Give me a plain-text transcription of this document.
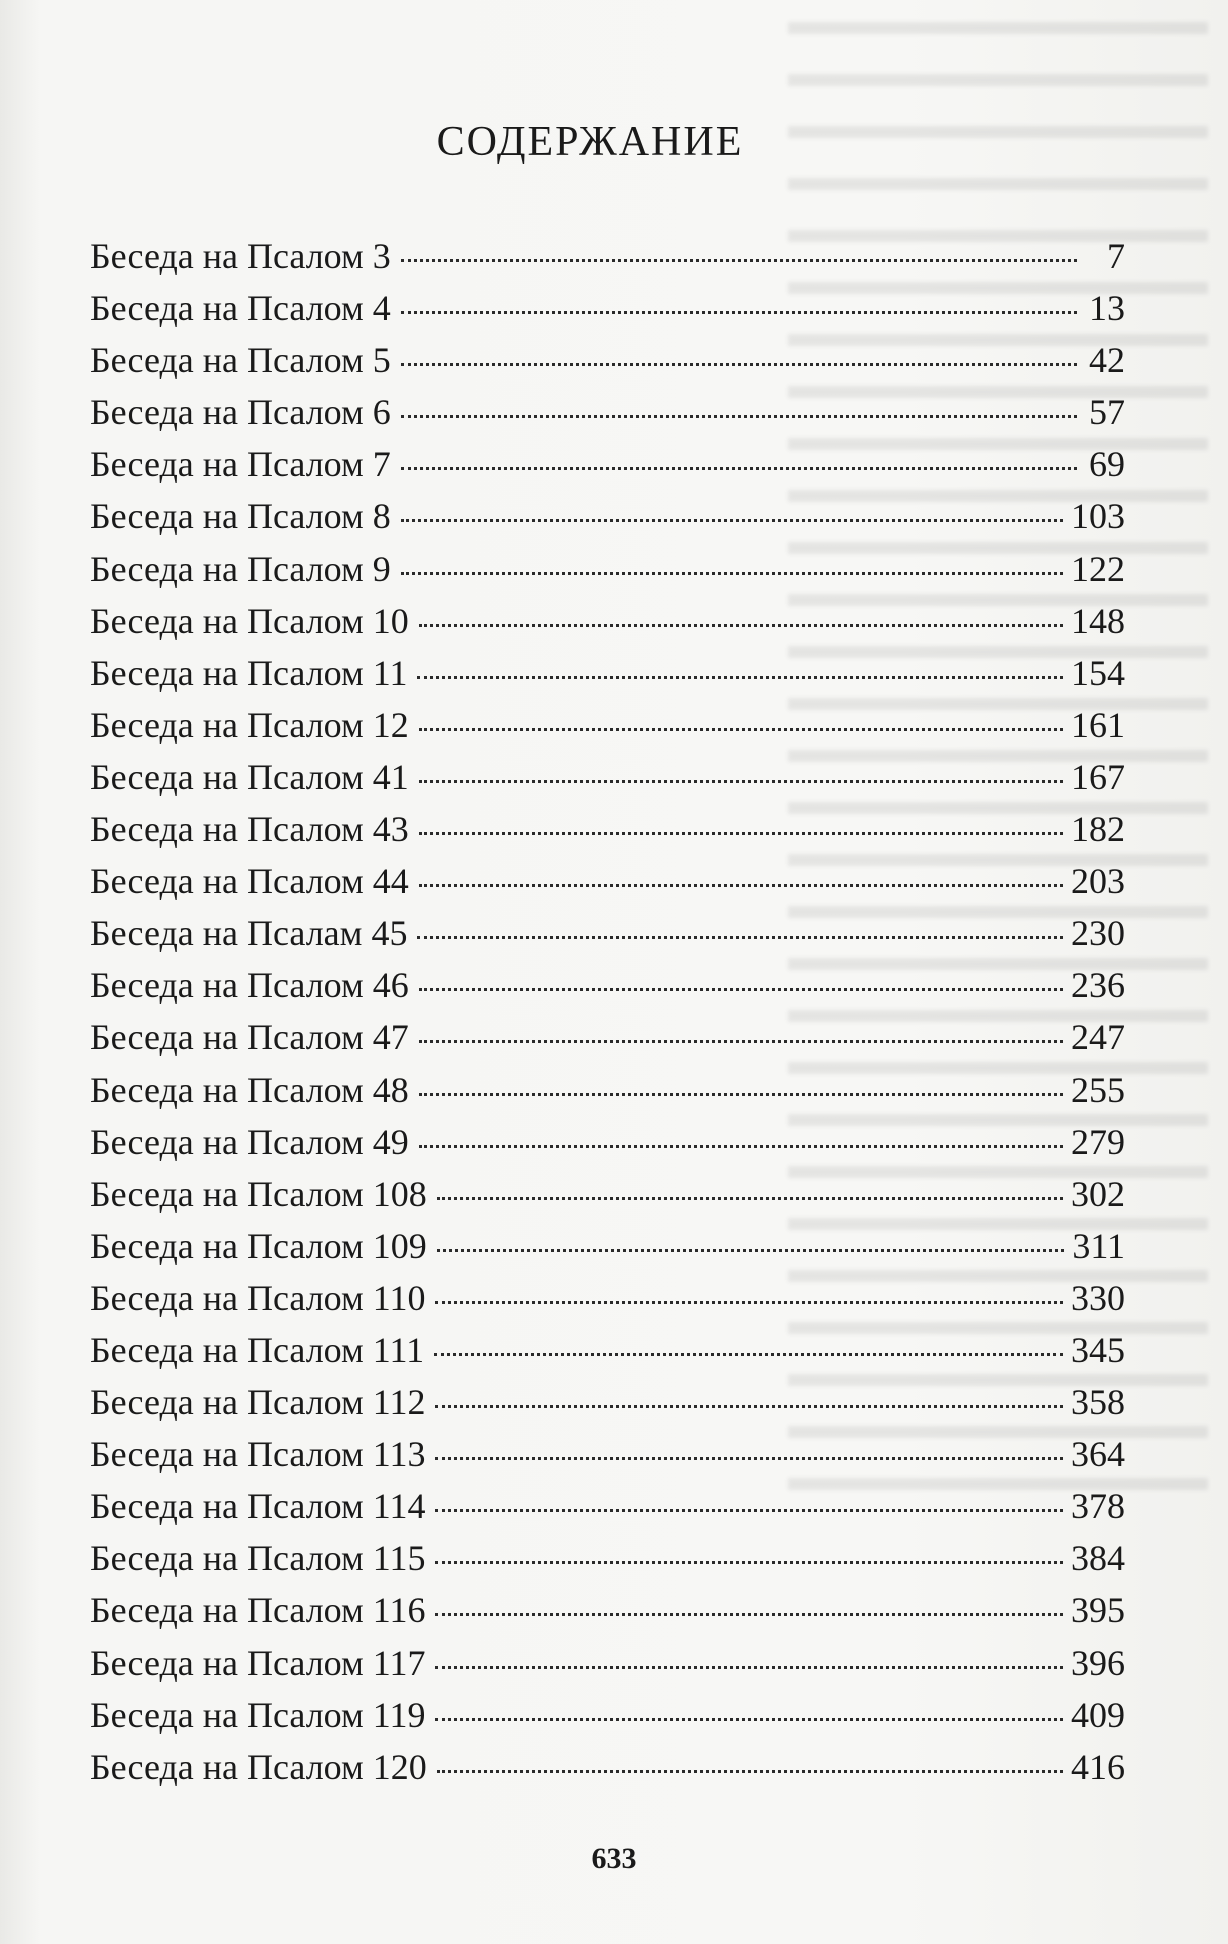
СОДЕРЖАНИЕ
Беседа на Псалом 3	7
Беседа на Псалом 4	13
Беседа на Псалом 5	42
Беседа на Псалом 6	57
Беседа на Псалом 7	69
Беседа на Псалом 8	103
Беседа на Псалом 9	122
Беседа на Псалом 10	148
Беседа на Псалом 11	154
Беседа на Псалом 12	161
Беседа на Псалом 41	167
Беседа на Псалом 43	182
Беседа на Псалом 44	203
Беседа на Псалам 45	230
Беседа на Псалом 46	236
Беседа на Псалом 47	247
Беседа на Псалом 48	255
Беседа на Псалом 49	279
Беседа на Псалом 108	302
Беседа на Псалом 109	311
Беседа на Псалом 110	330
Беседа на Псалом 111	345
Беседа на Псалом 112	358
Беседа на Псалом 113	364
Беседа на Псалом 114	378
Беседа на Псалом 115	384
Беседа на Псалом 116	395
Беседа на Псалом 117	396
Беседа на Псалом 119	409
Беседа на Псалом 120	416
633
